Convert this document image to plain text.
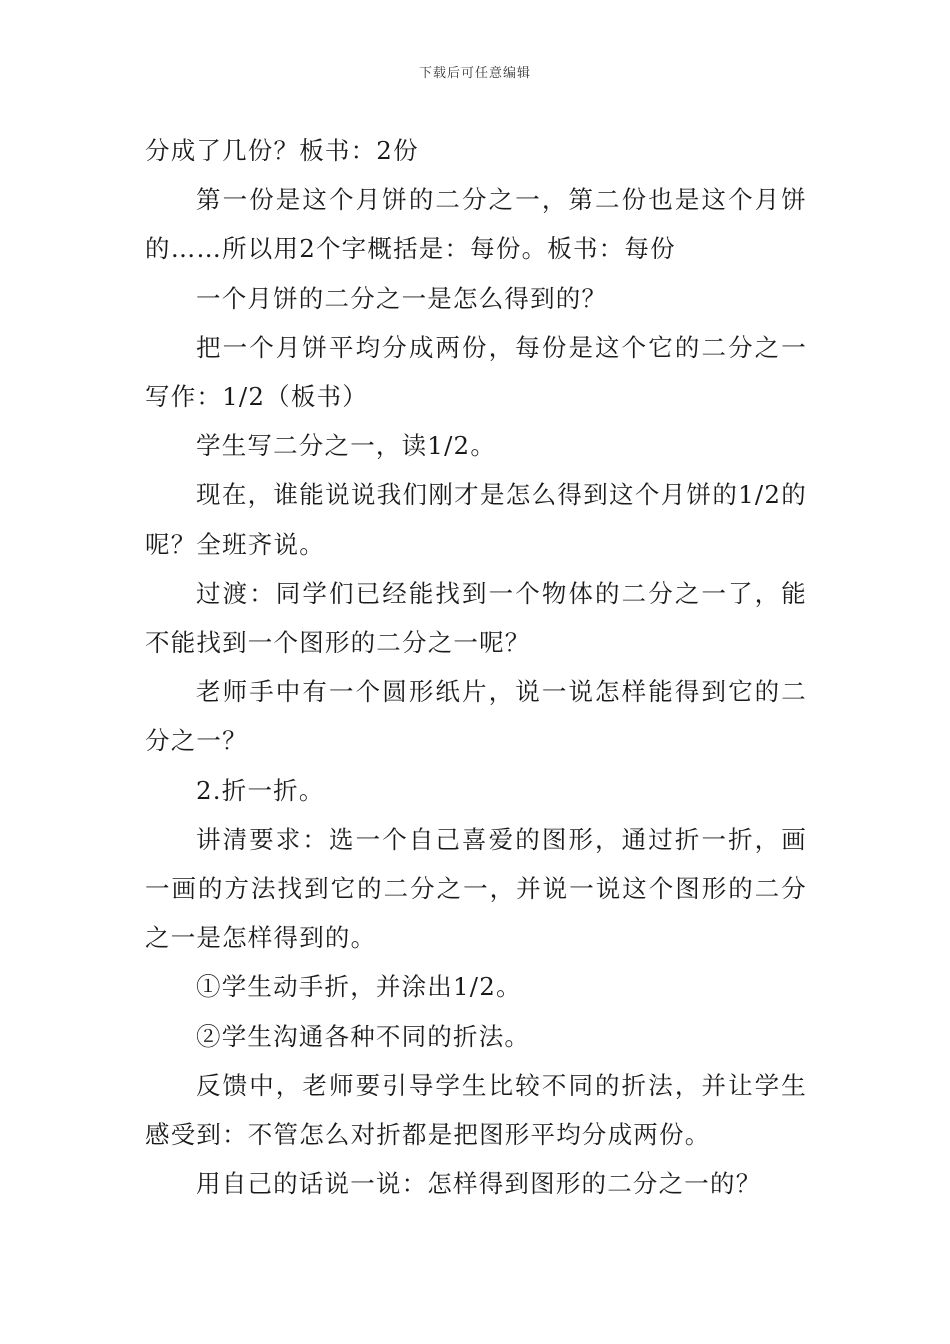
下载后可任意编辑

分成了几份？板书：2份

第一份是这个月饼的二分之一，第二份也是这个月饼的……所以用2个字概括是：每份。板书：每份

一个月饼的二分之一是怎么得到的？

把一个月饼平均分成两份，每份是这个它的二分之一写作：1/2（板书）

学生写二分之一，读1/2。

现在，谁能说说我们刚才是怎么得到这个月饼的1/2的呢？全班齐说。

过渡：同学们已经能找到一个物体的二分之一了，能不能找到一个图形的二分之一呢？

老师手中有一个圆形纸片，说一说怎样能得到它的二分之一？

2.折一折。

讲清要求：选一个自己喜爱的图形，通过折一折，画一画的方法找到它的二分之一，并说一说这个图形的二分之一是怎样得到的。

①学生动手折，并涂出1/2。

②学生沟通各种不同的折法。

反馈中，老师要引导学生比较不同的折法，并让学生感受到：不管怎么对折都是把图形平均分成两份。

用自己的话说一说：怎样得到图形的二分之一的？
